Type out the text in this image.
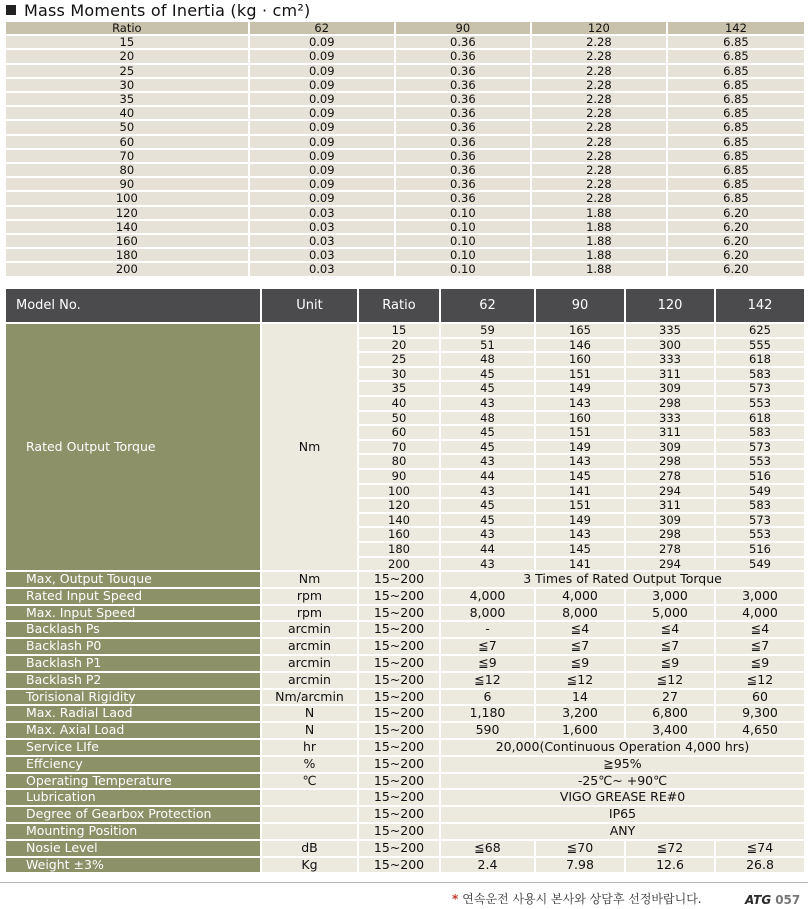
Mass Moments of Inertia (kg · cm²)
Ratio	62	90	120	142
15	0.09	0.36	2.28	6.85
20	0.09	0.36	2.28	6.85
25	0.09	0.36	2.28	6.85
30	0.09	0.36	2.28	6.85
35	0.09	0.36	2.28	6.85
40	0.09	0.36	2.28	6.85
50	0.09	0.36	2.28	6.85
60	0.09	0.36	2.28	6.85
70	0.09	0.36	2.28	6.85
80	0.09	0.36	2.28	6.85
90	0.09	0.36	2.28	6.85
100	0.09	0.36	2.28	6.85
120	0.03	0.10	1.88	6.20
140	0.03	0.10	1.88	6.20
160	0.03	0.10	1.88	6.20
180	0.03	0.10	1.88	6.20
200	0.03	0.10	1.88	6.20
Model No.	Unit	Ratio	62	90	120	142
Rated Output Torque	Nm	15	59	165	335	625
		20	51	146	300	555
		25	48	160	333	618
		30	45	151	311	583
		35	45	149	309	573
		40	43	143	298	553
		50	48	160	333	618
		60	45	151	311	583
		70	45	149	309	573
		80	43	143	298	553
		90	44	145	278	516
		100	43	141	294	549
		120	45	151	311	583
		140	45	149	309	573
		160	43	143	298	553
		180	44	145	278	516
		200	43	141	294	549
Max, Output Touque	Nm	15~200	3 Times of Rated Output Torque			
Rated Input Speed	rpm	15~200	4,000	4,000	3,000	3,000
Max. Input Speed	rpm	15~200	8,000	8,000	5,000	4,000
Backlash Ps	arcmin	15~200	-	≦4	≦4	≦4
Backlash P0	arcmin	15~200	≦7	≦7	≦7	≦7
Backlash P1	arcmin	15~200	≦9	≦9	≦9	≦9
Backlash P2	arcmin	15~200	≦12	≦12	≦12	≦12
Torisional Rigidity	Nm/arcmin	15~200	6	14	27	60
Max. Radial Laod	N	15~200	1,180	3,200	6,800	9,300
Max. Axial Load	N	15~200	590	1,600	3,400	4,650
Service LIfe	hr	15~200	20,000(Continuous Operation 4,000 hrs)			
Effciency	%	15~200	≧95%			
Operating Temperature	℃	15~200	-25℃~ +90℃			
Lubrication		15~200	VIGO GREASE RE#0			
Degree of Gearbox Protection		15~200	IP65			
Mounting Position		15~200	ANY			
Nosie Level	dB	15~200	≦68	≦70	≦72	≦74
Weight ±3%	Kg	15~200	2.4	7.98	12.6	26.8
* 연속운전 사용시 본사와 상담후 선정바랍니다.	ATG 057
